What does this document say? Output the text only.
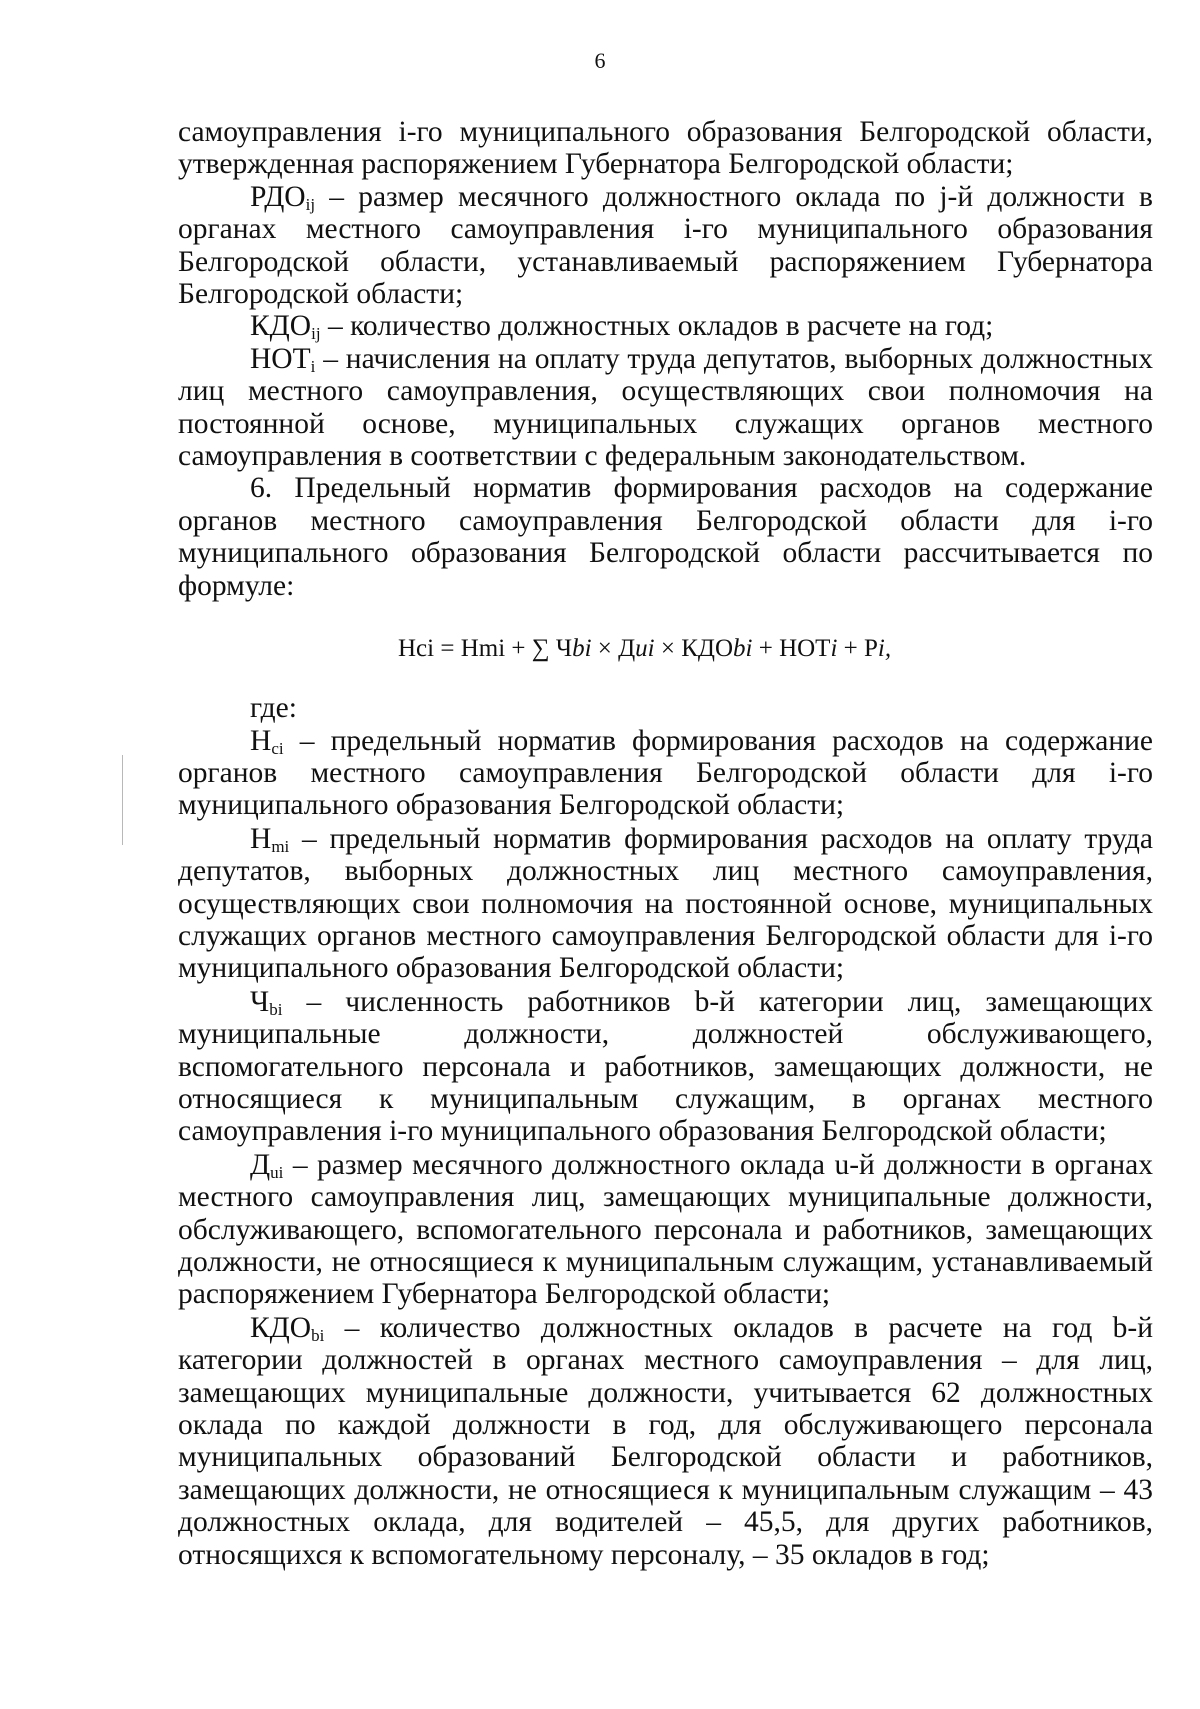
6

самоуправления i-го муниципального образования Белгородской области, утвержденная распоряжением Губернатора Белгородской области;

$РДО_{ij}$ – размер месячного должностного оклада по j-й должности в органах местного самоуправления i-го муниципального образования Белгородской области, устанавливаемый распоряжением Губернатора Белгородской области;

$КДО_{ij}$ – количество должностных окладов в расчете на год;

$НОТ_i$ – начисления на оплату труда депутатов, выборных должностных лиц местного самоуправления, осуществляющих свои полномочия на постоянной основе, муниципальных служащих органов местного самоуправления в соответствии с федеральным законодательством.

6. Предельный норматив формирования расходов на содержание органов местного самоуправления Белгородской области для i-го муниципального образования Белгородской области рассчитывается по формуле:

Нci = Нmi + ∑ Чbi × Дui × КДОbi + НОТi + Рi,

где:

$Н_{ci}$ – предельный норматив формирования расходов на содержание органов местного самоуправления Белгородской области для i-го муниципального образования Белгородской области;

$Н_{mi}$ – предельный норматив формирования расходов на оплату труда депутатов, выборных должностных лиц местного самоуправления, осуществляющих свои полномочия на постоянной основе, муниципальных служащих органов местного самоуправления Белгородской области для i-го муниципального образования Белгородской области;

$Ч_{bi}$ – численность работников b-й категории лиц, замещающих муниципальные должности, должностей обслуживающего, вспомогательного персонала и работников, замещающих должности, не относящиеся к муниципальным служащим, в органах местного самоуправления i-го муниципального образования Белгородской области;

$Д_{ui}$ – размер месячного должностного оклада u-й должности в органах местного самоуправления лиц, замещающих муниципальные должности, обслуживающего, вспомогательного персонала и работников, замещающих должности, не относящиеся к муниципальным служащим, устанавливаемый распоряжением Губернатора Белгородской области;

$КДО_{bi}$ – количество должностных окладов в расчете на год b-й категории должностей в органах местного самоуправления – для лиц, замещающих муниципальные должности, учитывается 62 должностных оклада по каждой должности в год, для обслуживающего персонала муниципальных образований Белгородской области и работников, замещающих должности, не относящиеся к муниципальным служащим – 43 должностных оклада, для водителей – 45,5, для других работников, относящихся к вспомогательному персоналу, – 35 окладов в год;
